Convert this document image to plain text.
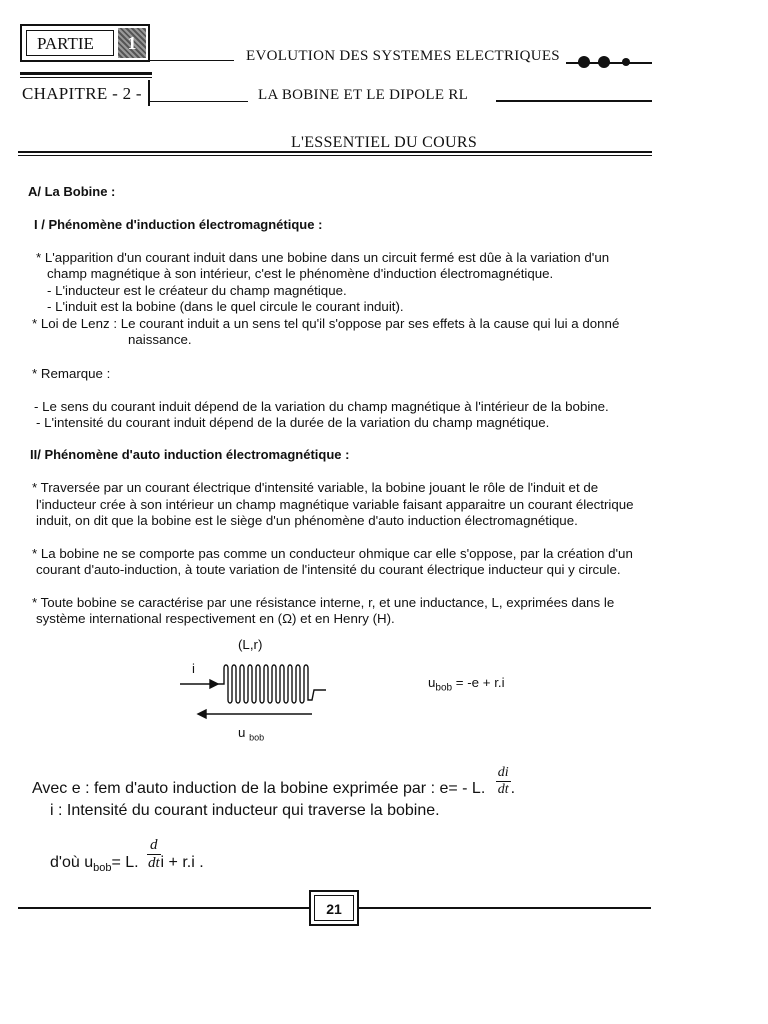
PARTIE	1
EVOLUTION DES SYSTEMES ELECTRIQUES
CHAPITRE - 2 -	LA BOBINE ET LE DIPOLE RL
L'ESSENTIEL DU COURS
A/ La Bobine :
I / Phénomène d'induction électromagnétique :
* L'apparition d'un courant induit dans une bobine dans un circuit fermé est dûe à la variation d'un
champ magnétique à son intérieur, c'est le phénomène d'induction électromagnétique.
- L'inducteur est le créateur du champ magnétique.
- L'induit est la bobine (dans le quel circule le courant induit).
* Loi de Lenz : Le courant induit a un sens tel qu'il s'oppose par ses effets à la cause qui lui a donné
naissance.
* Remarque :
- Le sens du courant induit dépend de la variation du champ magnétique à l'intérieur de la bobine.
- L'intensité du courant induit dépend de la durée de la variation du champ magnétique.
II/ Phénomène d'auto induction électromagnétique :
* Traversée par un courant électrique d'intensité variable, la bobine jouant le rôle de l'induit et de
l'inducteur crée à son intérieur un champ magnétique variable faisant apparaitre un courant électrique
induit, on dit que la bobine est le siège d'un phénomène d'auto induction électromagnétique.
* La bobine ne se comporte pas comme un conducteur ohmique car elle s'oppose, par la création d'un
courant d'auto-induction, à toute variation de l'intensité du courant électrique inducteur qui y circule.
* Toute bobine se caractérise par une résistance interne, r, et une inductance, L, exprimées dans le
système international respectivement en (Ω) et en Henry (H).
(L,r)
i
u $_{bob}$
$u_{bob} = -e + r.i$
Avec e : fem d'auto induction de la bobine exprimée par : e= - L. $\frac{di}{dt}$ .
i : Intensité du courant inducteur qui traverse la bobine.
d'où $u_{bob}= L$. $\frac{d}{dt}$ i + r.i .
21
